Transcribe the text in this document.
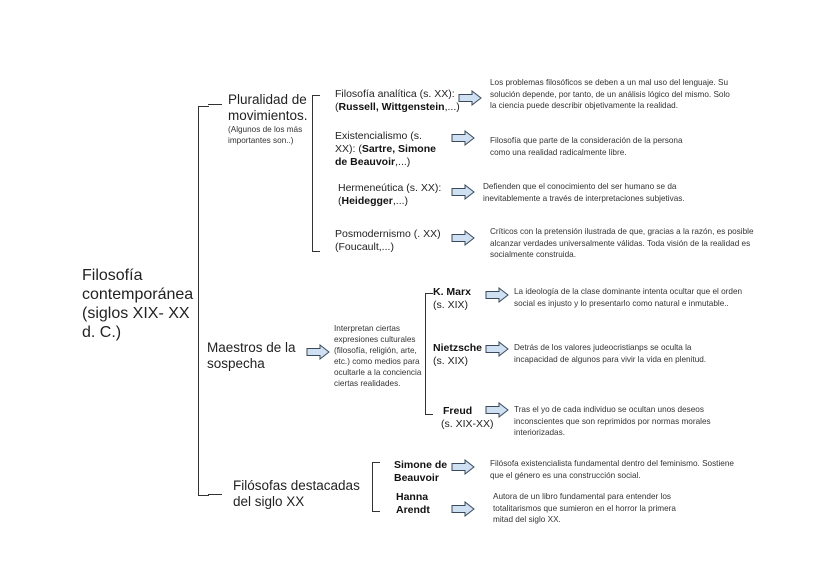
Filosofía contemporánea (siglos XIX- XX d. C.)
Pluralidad de movimientos.
(Algunos de los más importantes son..)
Filosofía analítica (s. XX): (Russell, Wittgenstein,...)
Existencialismo (s. XX): (Sartre, Simone de Beauvoir,...)
Hermeneútica (s. XX): (Heidegger,...)
Posmodernismo (. XX) (Foucault,...)
Los problemas filosóficos se deben a un mal uso del lenguaje. Su solución depende, por tanto, de un análisis lógico del mismo. Solo la ciencia puede describir objetivamente la realidad.
Filosofía que parte de la consideración de la persona como una realidad radicalmente libre.
Defienden que el conocimiento del ser humano se da inevitablemente a través de interpretaciones subjetivas.
Críticos con la pretensión ilustrada de que, gracias a la razón, es posible alcanzar verdades universalmente válidas. Toda visión de la realidad es socialmente construida.
Maestros de la sospecha
Interpretan ciertas expresiones culturales (filosofía, religión, arte, etc.) como medios para ocultarle a la conciencia ciertas realidades.
K. Marx
(s. XIX)
Nietzsche
(s. XIX)
Freud
(s. XIX-XX)
La ideología de la clase dominante intenta ocultar que el orden social es injusto y lo presentarlo como natural e inmutable..
Detrás de los valores judeocristianps se oculta la incapacidad de algunos para vivir la vida en plenitud.
Tras el yo de cada individuo se ocultan unos deseos inconscientes que son reprimidos por normas morales interiorizadas.
Filósofas destacadas del siglo XX
Simone de Beauvoir
Hanna Arendt
Filósofa existencialista fundamental dentro del feminismo. Sostiene que el género es una construcción social.
Autora de un libro fundamental para entender los totalitarismos que sumieron en el horror la primera mitad del siglo XX.
